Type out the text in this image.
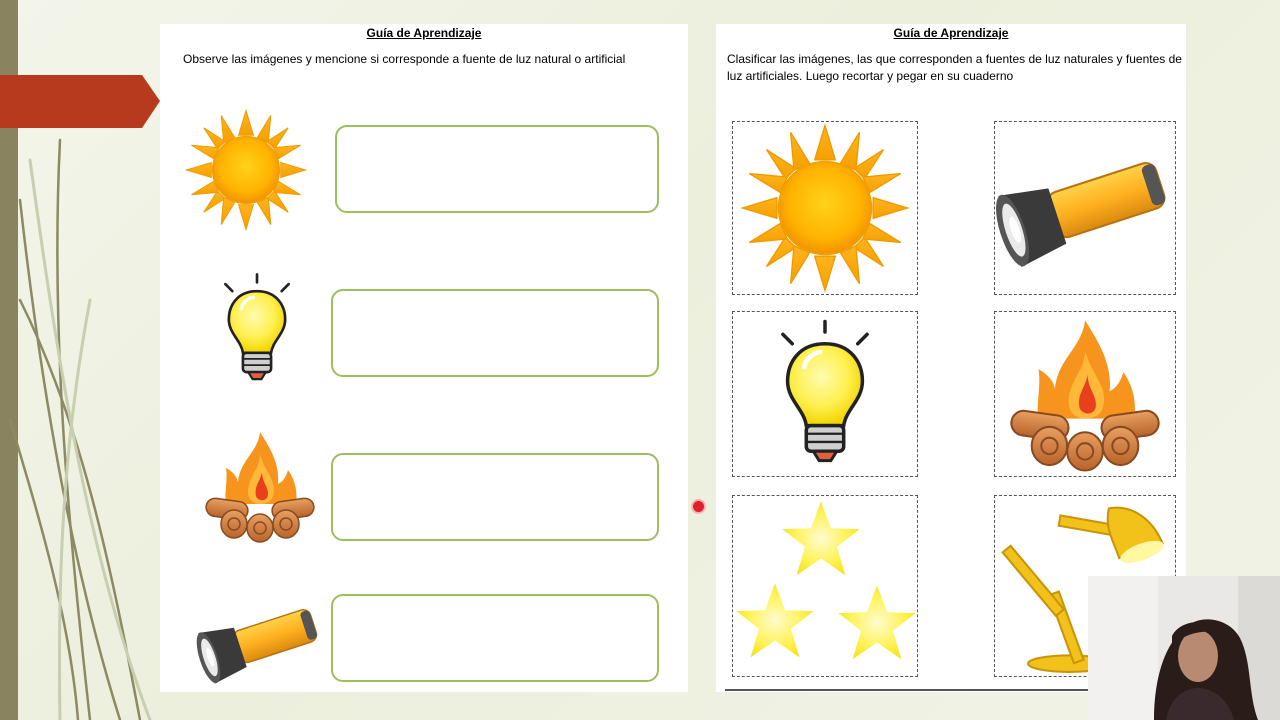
Guía de Aprendizaje
Observe las imágenes y mencione si corresponde a fuente de luz natural o artificial
Guía de Aprendizaje
Clasificar las imágenes, las que corresponden a fuentes de luz naturales y fuentes de luz artificiales. Luego recortar y pegar en su cuaderno
